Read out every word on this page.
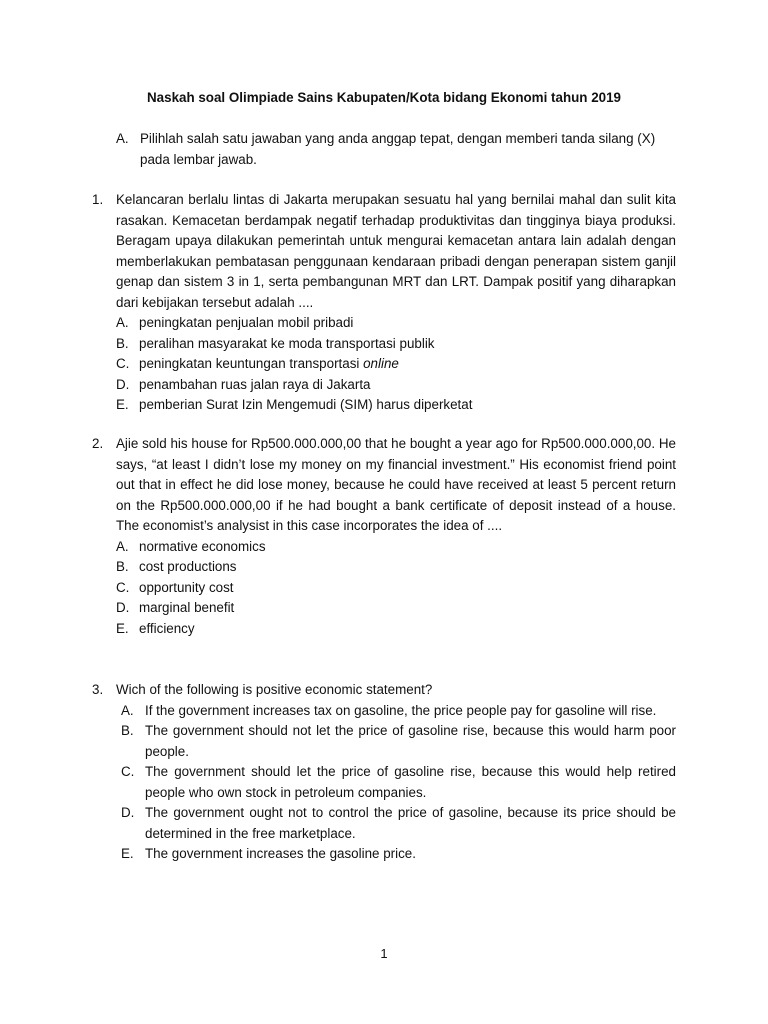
Naskah soal Olimpiade Sains Kabupaten/Kota bidang Ekonomi tahun 2019
A. Pilihlah salah satu jawaban yang anda anggap tepat, dengan memberi tanda silang (X) pada lembar jawab.
1. Kelancaran berlalu lintas di Jakarta merupakan sesuatu hal yang bernilai mahal dan sulit kita rasakan. Kemacetan berdampak negatif terhadap produktivitas dan tingginya biaya produksi. Beragam upaya dilakukan pemerintah untuk mengurai kemacetan antara lain adalah dengan memberlakukan pembatasan penggunaan kendaraan pribadi dengan penerapan sistem ganjil genap dan sistem 3 in 1, serta pembangunan MRT dan LRT. Dampak positif yang diharapkan dari kebijakan tersebut adalah ....
A. peningkatan penjualan mobil pribadi
B. peralihan masyarakat ke moda transportasi publik
C. peningkatan keuntungan transportasi online
D. penambahan ruas jalan raya di Jakarta
E. pemberian Surat Izin Mengemudi (SIM) harus diperketat
2. Ajie sold his house for Rp500.000.000,00 that he bought a year ago for Rp500.000.000,00. He says, “at least I didn’t lose my money on my financial investment.” His economist friend point out that in effect he did lose money, because he could have received at least 5 percent return on the Rp500.000.000,00 if he had bought a bank certificate of deposit instead of a house. The economist’s analysist in this case incorporates the idea of ....
A. normative economics
B. cost productions
C. opportunity cost
D. marginal benefit
E. efficiency
3. Wich of the following is positive economic statement?
A. If the government increases tax on gasoline, the price people pay for gasoline will rise.
B. The government should not let the price of gasoline rise, because this would harm poor people.
C. The government should let the price of gasoline rise, because this would help retired people who own stock in petroleum companies.
D. The government ought not to control the price of gasoline, because its price should be determined in the free marketplace.
E. The government increases the gasoline price.
1
